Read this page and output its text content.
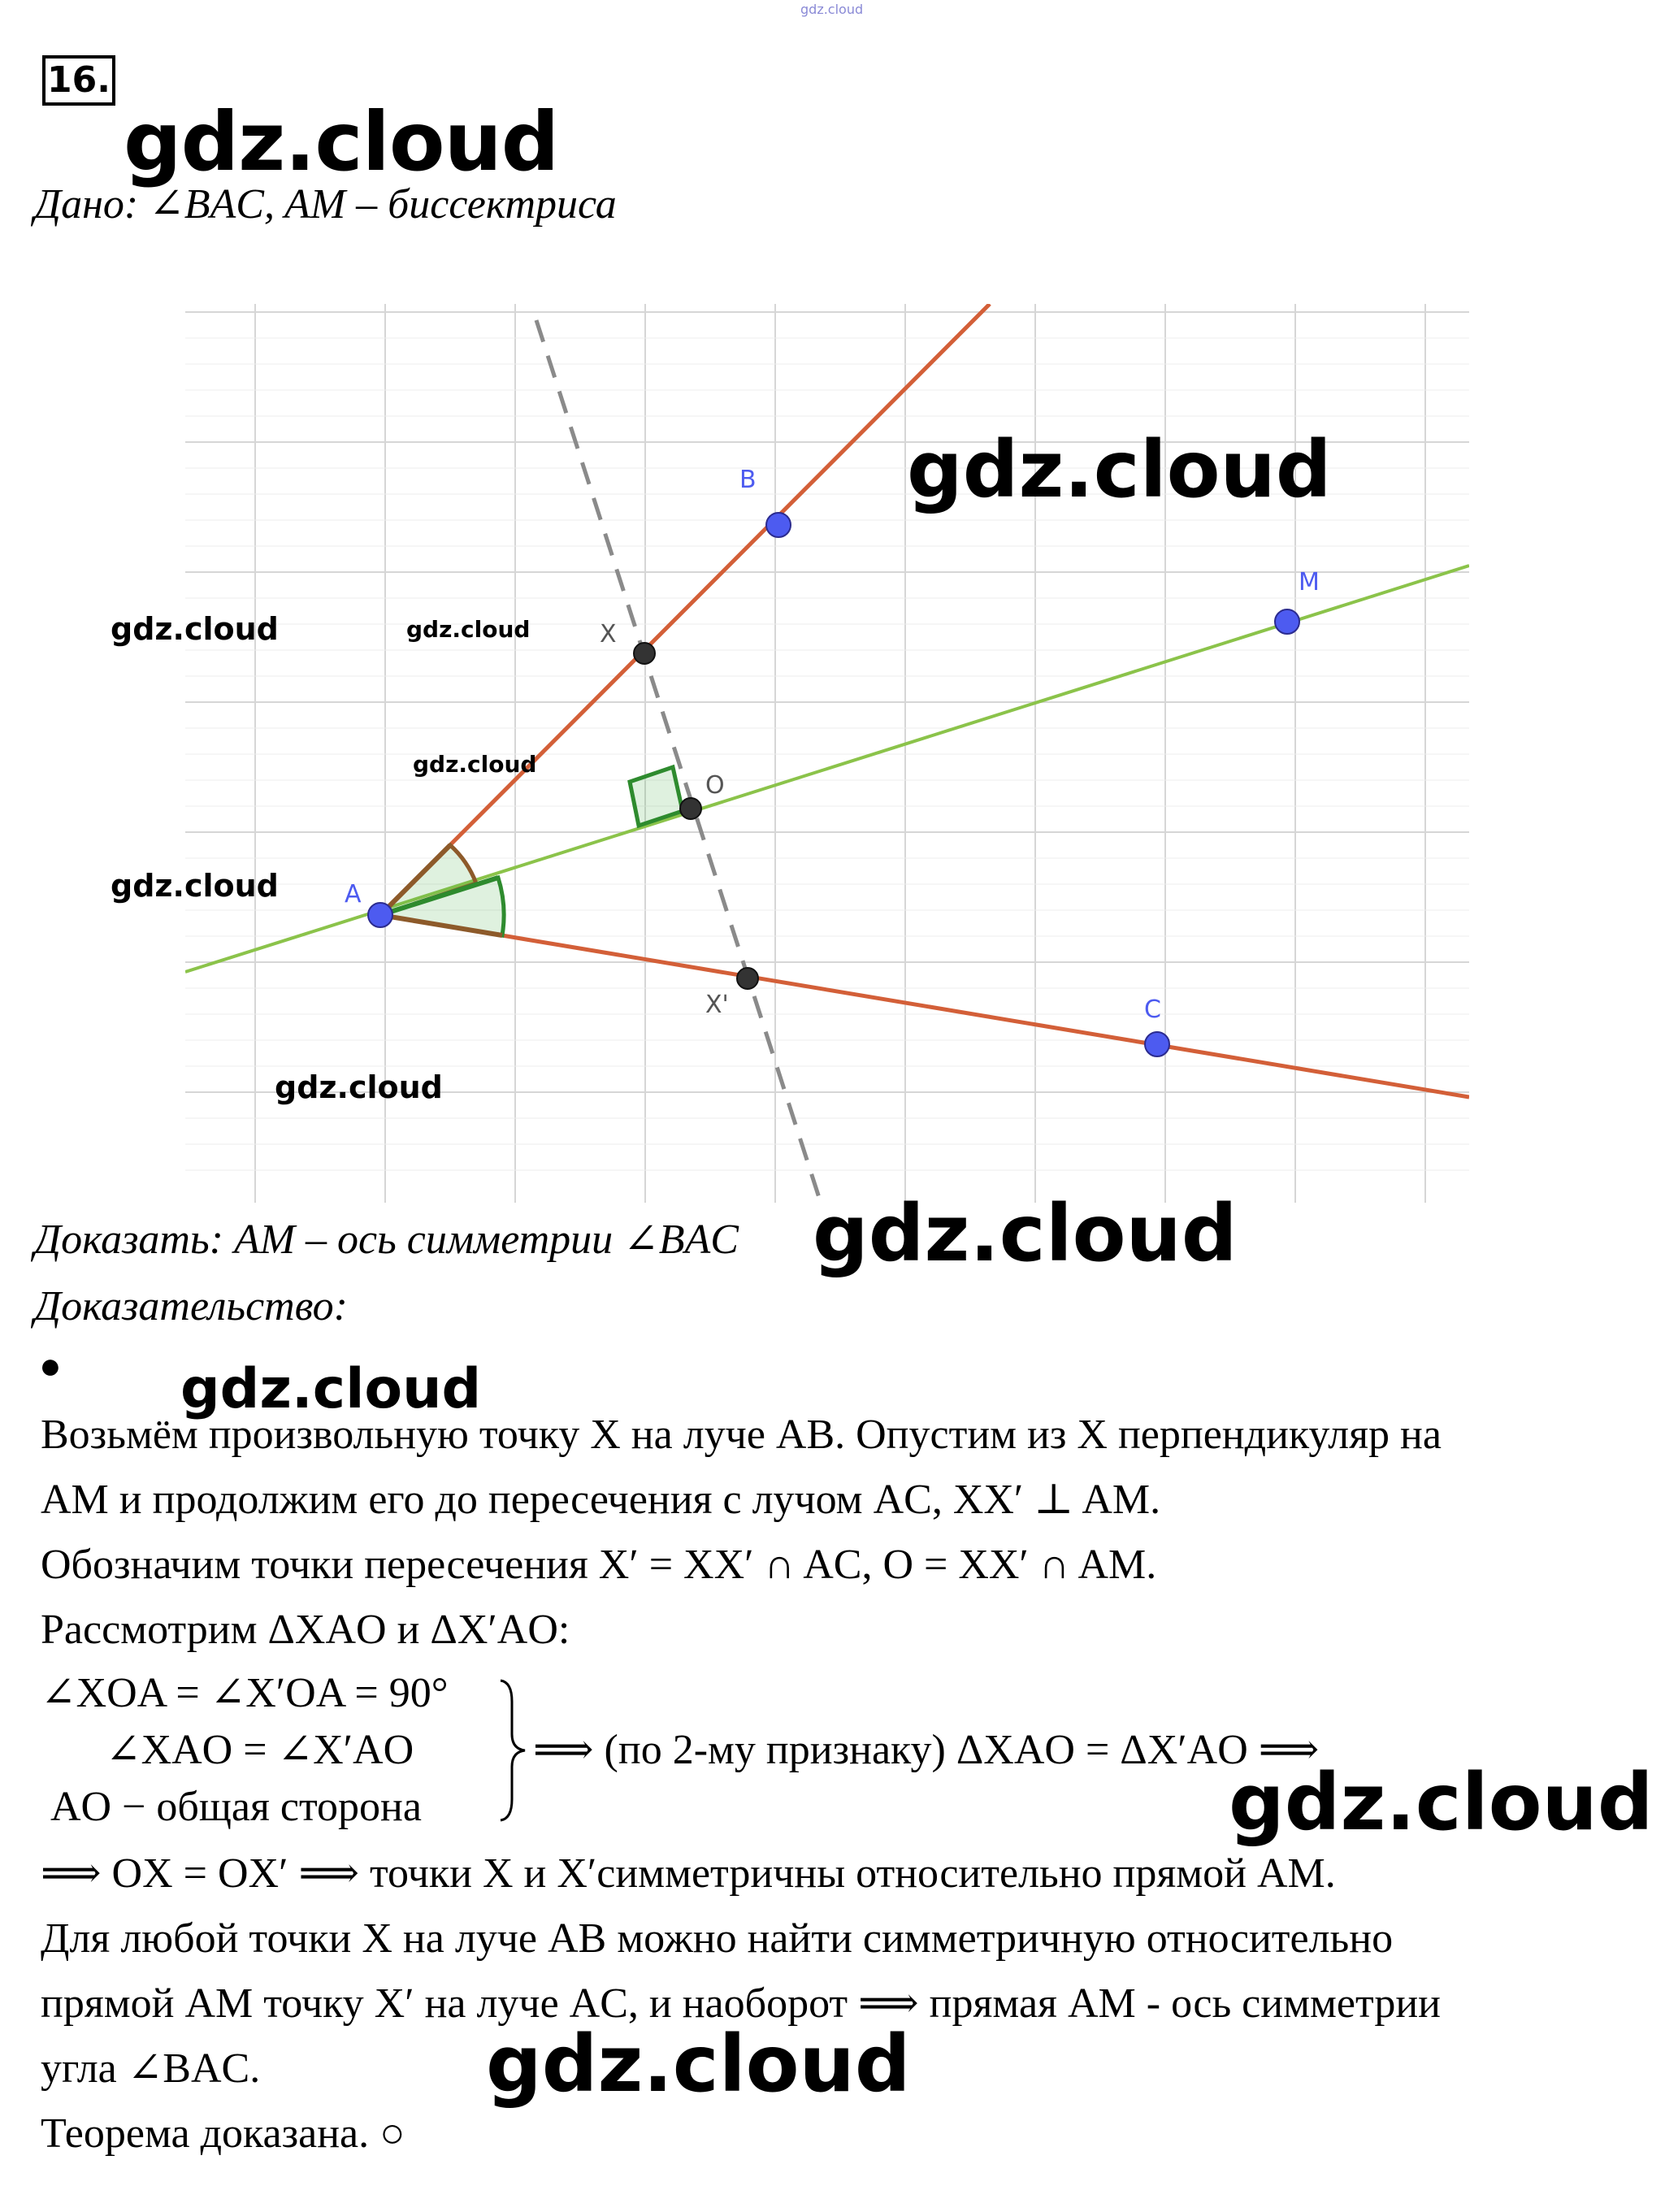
gdz.cloud
16.
gdz.cloud
Дано: ∠BAC, AM – биссектриса
A
B
C
M
X
O
X'
gdz.cloud
gdz.cloud	gdz.cloud
gdz.cloud
gdz.cloud
gdz.cloud
Доказать: AM – ось симметрии ∠BAC gdz.cloud
Доказательство:
● gdz.cloud
Возьмём произвольную точку X на луче AB. Опустим из X перпендикуляр на
AM и продолжим его до пересечения с лучом AC, XX′ ⊥ AM.
Обозначим точки пересечения X′ = XX′ ∩ AC, O = XX′ ∩ AM.
Рассмотрим ΔXAO и ΔX′AO:
∠XOA = ∠X′OA = 90°
∠XAO = ∠X′AO
AO − общая сторона
⟹ (по 2-му признаку) ΔXAO = ΔX′AO ⟹
gdz.cloud
⟹ OX = OX′ ⟹ точки X и X′симметричны относительно прямой AM.
Для любой точки X на луче AB можно найти симметричную относительно
прямой AM точку X′ на луче AC, и наоборот ⟹ прямая AM - ось симметрии
угла ∠BAC.	gdz.cloud
Теорема доказана. ○
